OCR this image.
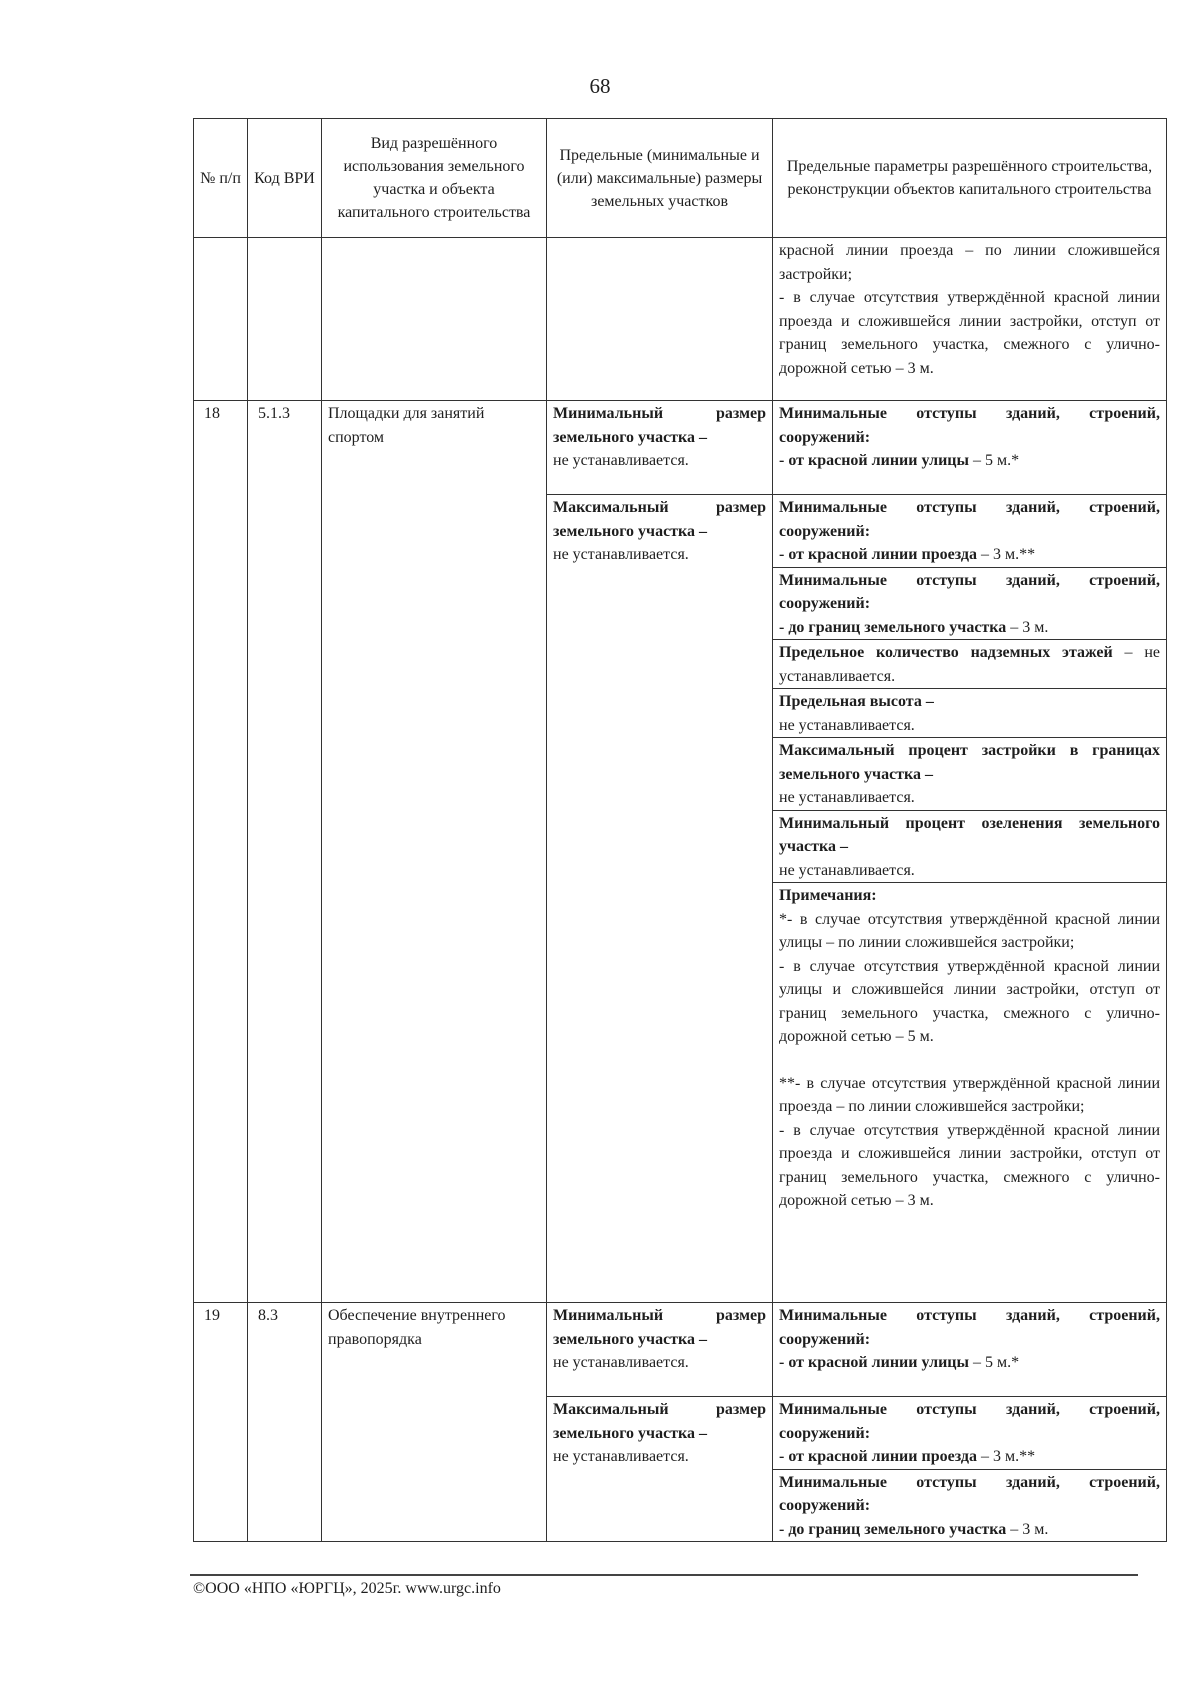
68
№ п/п	Код ВРИ	Вид разрешённого использования земельного участка и объекта капитального строительства	Предельные (минимальные и (или) максимальные) размеры земельных участков	Предельные параметры разрешённого строительства, реконструкции объектов капитального строительства

				красной линии проезда – по линии сложившейся застройки;
- в случае отсутствия утверждённой красной линии проезда и сложившейся линии застройки, отступ от границ земельного участка, смежного с улично-дорожной сетью – 3 м.

18	5.1.3	Площадки для занятий спортом	Минимальный размер земельного участка –
не устанавливается.	Минимальные отступы зданий, строений, сооружений:
- от красной линии улицы – 5 м.*

			Максимальный размер земельного участка –
не устанавливается.	Минимальные отступы зданий, строений, сооружений:
- от красной линии проезда – 3 м.**
				Минимальные отступы зданий, строений, сооружений:
- до границ земельного участка – 3 м.
				Предельное количество надземных этажей – не устанавливается.

				Предельная высота –
не устанавливается.

				Максимальный процент застройки в границах земельного участка –
не устанавливается.

				Минимальный процент озеленения земельного участка –
не устанавливается.

				Примечания:
*- в случае отсутствия утверждённой красной линии улицы – по линии сложившейся застройки;
- в случае отсутствия утверждённой красной линии улицы и сложившейся линии застройки, отступ от границ земельного участка, смежного с улично-дорожной сетью – 5 м.
**- в случае отсутствия утверждённой красной линии проезда – по линии сложившейся застройки;
- в случае отсутствия утверждённой красной линии проезда и сложившейся линии застройки, отступ от границ земельного участка, смежного с улично-дорожной сетью – 3 м.

19	8.3	Обеспечение внутреннего правопорядка	Минимальный размер земельного участка –
не устанавливается.	Минимальные отступы зданий, строений, сооружений:
- от красной линии улицы – 5 м.*

			Максимальный размер земельного участка –
не устанавливается.	Минимальные отступы зданий, строений, сооружений:
- от красной линии проезда – 3 м.**
				Минимальные отступы зданий, строений, сооружений:
- до границ земельного участка – 3 м.
©ООО «НПО «ЮРГЦ», 2025г. www.urgc.info
